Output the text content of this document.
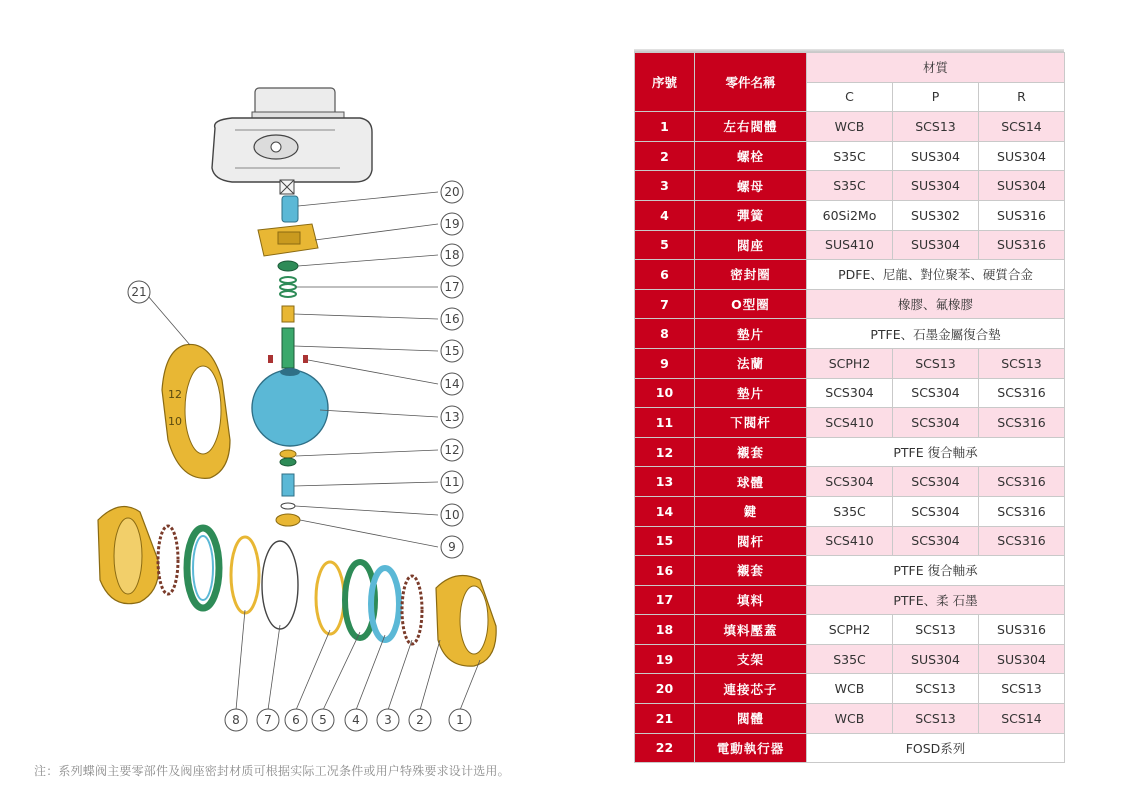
12
10
20
19
18
17
16
15
14
13
12
11
10
9
21
8 7 6 5 4 3 2	1
注：系列蝶阀主要零部件及阀座密封材质可根据实际工况条件或用户特殊要求设计选用。
序號	零件名稱	材質		
		C	P	R
1	左右閥體	WCB	SCS13	SCS14
2	螺栓	S35C	SUS304	SUS304
3	螺母	S35C	SUS304	SUS304
4	彈簧	60Si2Mo	SUS302	SUS316
5	閥座	SUS410	SUS304	SUS316
6	密封圈	PDFE、尼龍、對位聚苯、硬質合金		
7	O型圈	橡膠、氟橡膠		
8	墊片	PTFE、石墨金屬復合墊		
9	法蘭	SCPH2	SCS13	SCS13
10	墊片	SCS304	SCS304	SCS316
11	下閥杆	SCS410	SCS304	SCS316
12	襯套	PTFE 復合軸承		
13	球體	SCS304	SCS304	SCS316
14	鍵	S35C	SCS304	SCS316
15	閥杆	SCS410	SCS304	SCS316
16	襯套	PTFE 復合軸承		
17	填料	PTFE、柔 石墨		
18	填料壓蓋	SCPH2	SCS13	SUS316
19	支架	S35C	SUS304	SUS304
20	連接芯子	WCB	SCS13	SCS13
21	閥體	WCB	SCS13	SCS14
22	電動執行器	FOSD系列		
